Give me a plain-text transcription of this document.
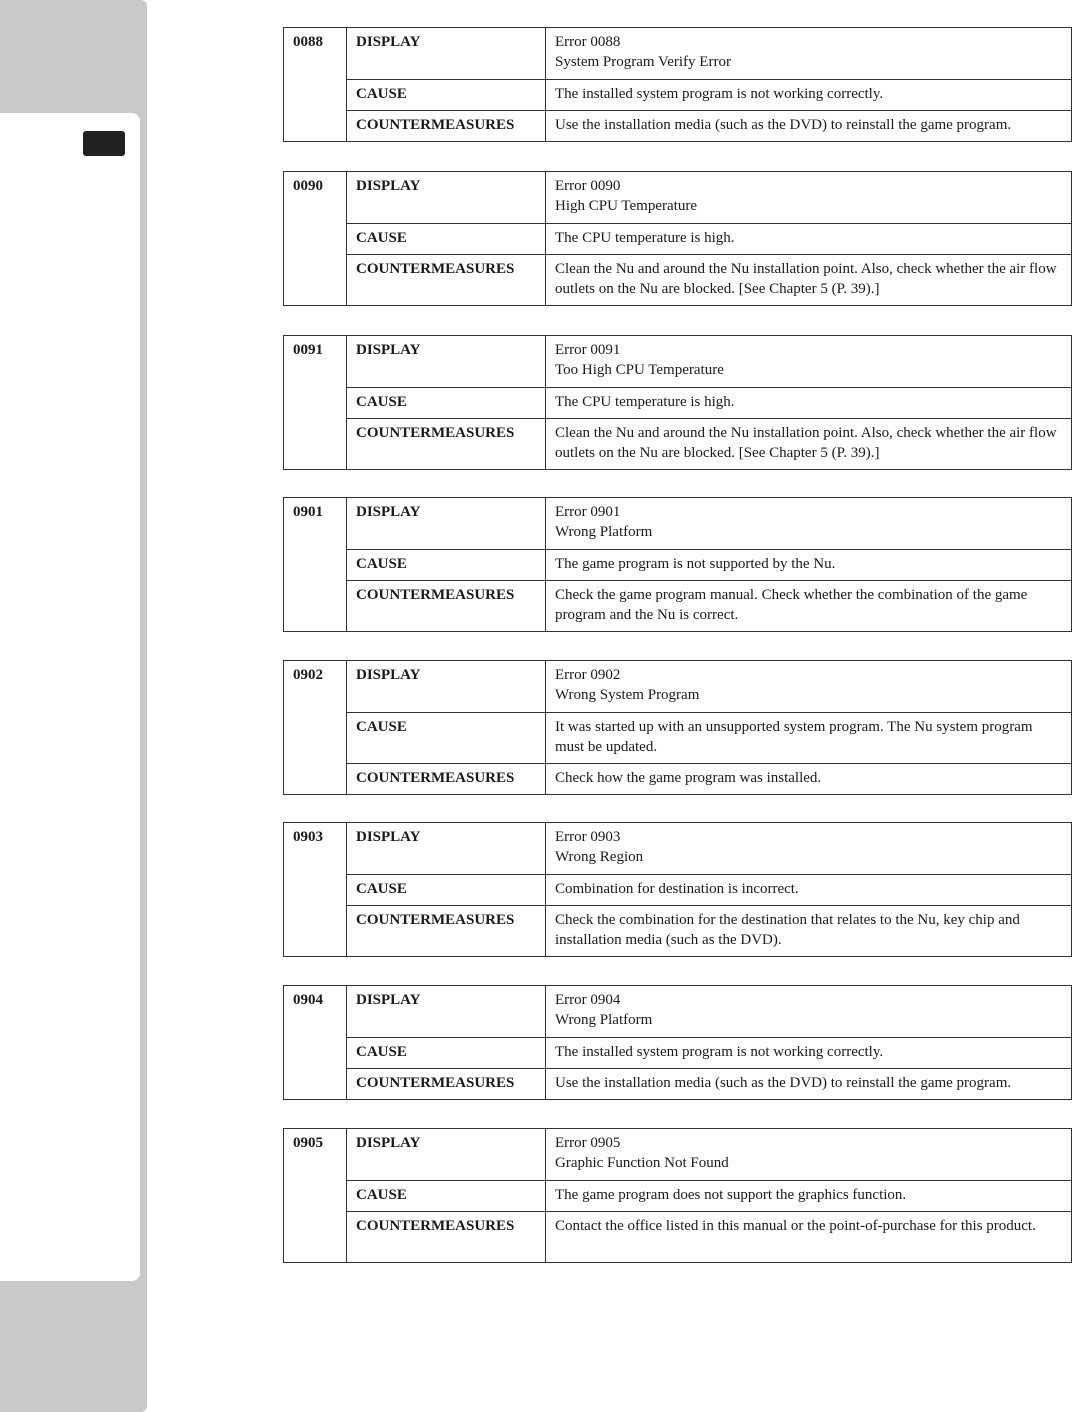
0088	DISPLAY	Error 0088
System Program Verify Error

	CAUSE	The installed system program is not working correctly.
	COUNTERMEASURES	Use the installation media (such as the DVD) to reinstall the game program.
0090	DISPLAY	Error 0090
High CPU Temperature

	CAUSE	The CPU temperature is high.
	COUNTERMEASURES	Clean the Nu and around the Nu installation point. Also, check whether the air flow outlets on the Nu are blocked. [See Chapter 5 (P. 39).]
0091	DISPLAY	Error 0091
Too High CPU Temperature

	CAUSE	The CPU temperature is high.
	COUNTERMEASURES	Clean the Nu and around the Nu installation point. Also, check whether the air flow outlets on the Nu are blocked. [See Chapter 5 (P. 39).]
0901	DISPLAY	Error 0901
Wrong Platform

	CAUSE	The game program is not supported by the Nu.
	COUNTERMEASURES	Check the game program manual. Check whether the combination of the game program and the Nu is correct.
0902	DISPLAY	Error 0902
Wrong System Program

	CAUSE	It was started up with an unsupported system program. The Nu system program must be updated.
	COUNTERMEASURES	Check how the game program was installed.
0903	DISPLAY	Error 0903
Wrong Region

	CAUSE	Combination for destination is incorrect.
	COUNTERMEASURES	Check the combination for the destination that relates to the Nu, key chip and installation media (such as the DVD).
0904	DISPLAY	Error 0904
Wrong Platform

	CAUSE	The installed system program is not working correctly.
	COUNTERMEASURES	Use the installation media (such as the DVD) to reinstall the game program.
0905	DISPLAY	Error 0905
Graphic Function Not Found

	CAUSE	The game program does not support the graphics function.
	COUNTERMEASURES	Contact the office listed in this manual or the point-of-purchase for this product.
